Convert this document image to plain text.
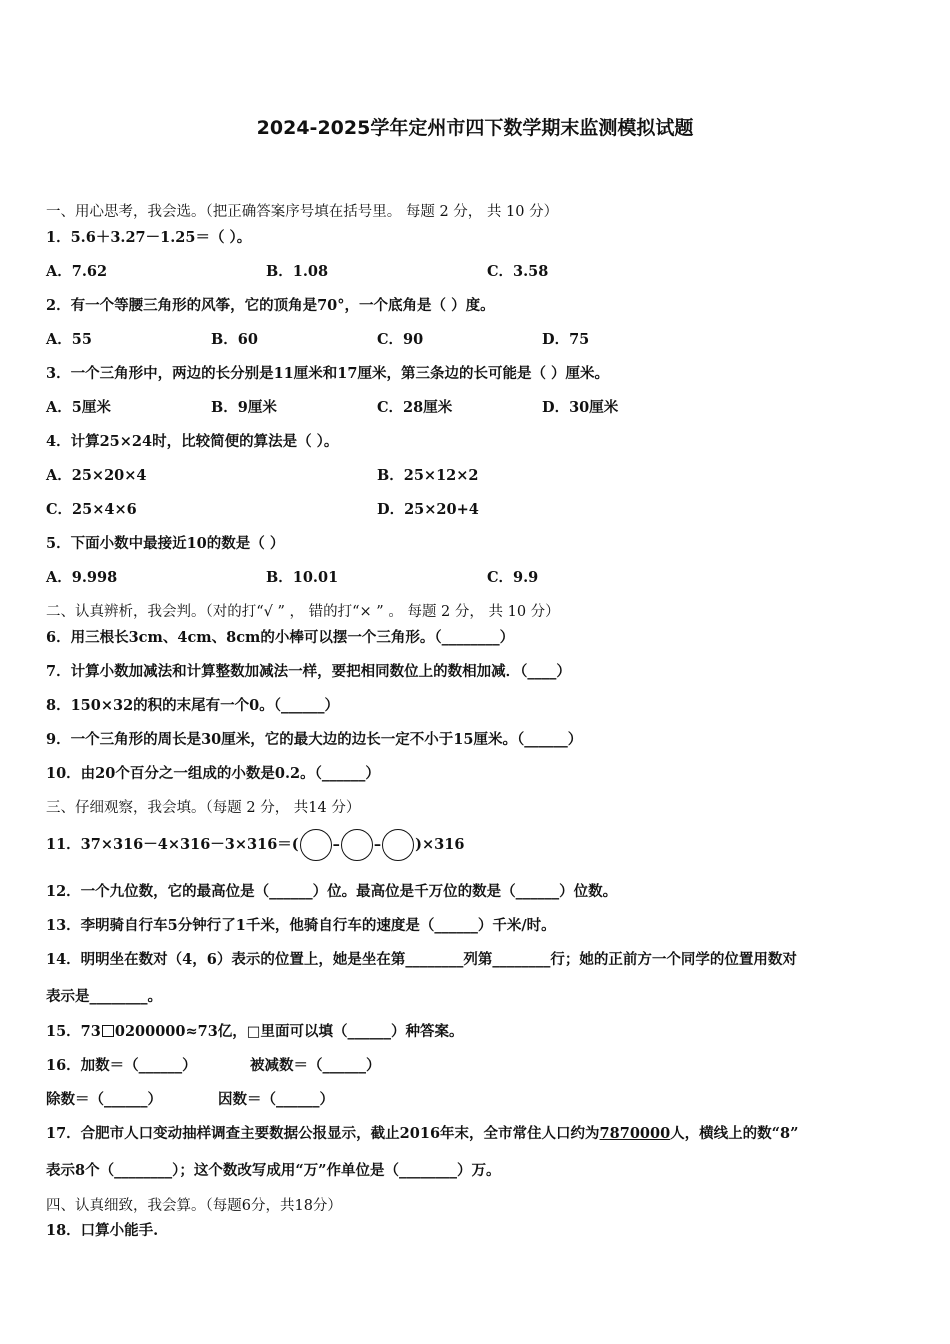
2024-2025学年定州市四下数学期末监测模拟试题
一、用心思考，我会选。（把正确答案序号填在括号里。 每题 2 分， 共 10 分）
1．5.6＋3.27－1.25＝（ ）。
A．7.62	B．1.08	C．3.58
2．有一个等腰三角形的风筝，它的顶角是70°，一个底角是（ ）度。
A．55	B．60	C．90	D．75
3．一个三角形中，两边的长分别是11厘米和17厘米，第三条边的长可能是（ ）厘米。
A．5厘米	B．9厘米	C．28厘米	D．30厘米
4．计算25×24时，比较简便的算法是（ ）。
A．25×20×4	B．25×12×2
C．25×4×6	D．25×20+4
5．下面小数中最接近10的数是（ ）
A．9.998	B．10.01	C．9.9
二、认真辨析，我会判。（对的打“√ ” ， 错的打“× ” 。 每题 2 分， 共 10 分）
6．用三根长3cm、4cm、8cm的小棒可以摆一个三角形。（________）
7．计算小数加减法和计算整数加减法一样，要把相同数位上的数相加减．（____）
8．150×32的积的末尾有一个0。（______）
9．一个三角形的周长是30厘米，它的最大边的边长一定不小于15厘米。（______）
10．由20个百分之一组成的小数是0.2。（______）
三、仔细观察，我会填。（每题 2 分， 共14 分）
11．37×316－4×316－3×316＝( – – )×316
12．一个九位数，它的最高位是（______）位。最高位是千万位的数是（______）位数。
13．李明骑自行车5分钟行了1千米，他骑自行车的速度是（______）千米/时。
14．明明坐在数对（4，6）表示的位置上，她是坐在第________列第________行；她的正前方一个同学的位置用数对
表示是________。
15．73 0200000≈73亿，□里面可以填（______）种答案。
16．加数＝（______）	被减数＝（______）
除数＝（______）	因数＝（______）
17．合肥市人口变动抽样调查主要数据公报显示，截止2016年末，全市常住人口约为7870000人，横线上的数“8”
表示8个（________）；这个数改写成用“万”作单位是（________）万。
四、认真细致，我会算。（每题6分，共18分）
18．口算小能手.
